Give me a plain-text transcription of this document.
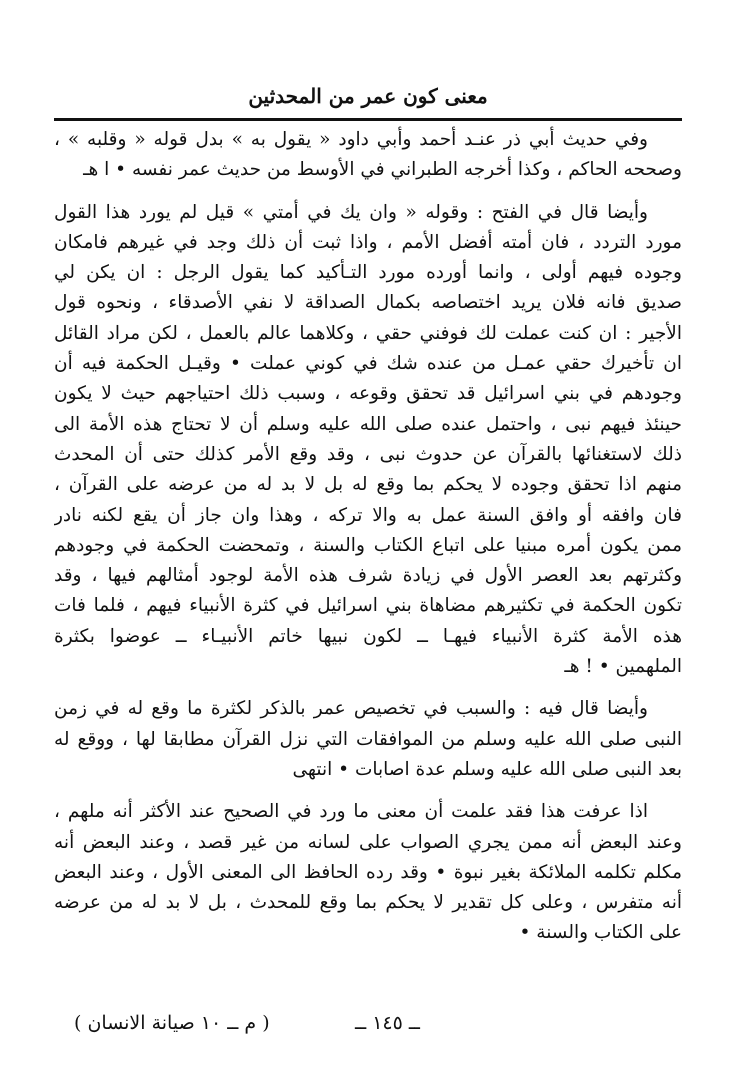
معنى كون عمر من المحدثين
وفي حديث أبي ذر عنـد أحمد وأبي داود « يقول به » بدل قوله « وقلبه » ،
وصححه الحاكم ، وكذا أخرجه الطبراني في الأوسط من حديث عمر نفسه • ا هـ
وأيضا قال في الفتح : وقوله « وان يك في أمتي » قيل لم يورد هذا القول
مورد التردد ، فان أمته أفضل الأمم ، واذا ثبت أن ذلك وجد في غيرهم فامكان
وجوده فيهم أولى ، وانما أورده مورد التـأكيد كما يقول الرجل : ان يكن لي
صديق فانه فلان يريد اختصاصه بكمال الصداقة لا نفي الأصدقاء ، ونحوه قول
الأجير : ان كنت عملت لك فوفني حقي ، وكلاهما عالم بالعمل ، لكن مراد القائل
ان تأخيرك حقي عمـل من عنده شك في كوني عملت • وقيـل الحكمة فيه أن
وجودهم في بني اسرائيل قد تحقق وقوعه ، وسبب ذلك احتياجهم حيث لا يكون
حينئذ فيهم نبى ، واحتمل عنده صلى الله عليه وسلم أن لا تحتاج هذه الأمة الى
ذلك لاستغنائها بالقرآن عن حدوث نبى ، وقد وقع الأمر كذلك حتى أن المحدث
منهم اذا تحقق وجوده لا يحكم بما وقع له بل لا بد له من عرضه على القرآن ،
فان وافقه أو وافق السنة عمل به والا تركه ، وهذا وان جاز أن يقع لكنه نادر
ممن يكون أمره مبنيا على اتباع الكتاب والسنة ، وتمحضت الحكمة في وجودهم
وكثرتهم بعد العصر الأول في زيادة شرف هذه الأمة لوجود أمثالهم فيها ، وقد
تكون الحكمة في تكثيرهم مضاهاة بني اسرائيل في كثرة الأنبياء فيهم ، فلما فات
هذه الأمة كثرة الأنبياء فيهـا ــ لكون نبيها خاتم الأنبيـاء ــ عوضوا بكثرة
الملهمين • ! هـ
وأيضا قال فيه : والسبب في تخصيص عمر بالذكر لكثرة ما وقع له في زمن
النبى صلى الله عليه وسلم من الموافقات التي نزل القرآن مطابقا لها ، ووقع له
بعد النبى صلى الله عليه وسلم عدة اصابات • انتهى
اذا عرفت هذا فقد علمت أن معنى ما ورد في الصحيح عند الأكثر أنه ملهم ،
وعند البعض أنه ممن يجري الصواب على لسانه من غير قصد ، وعند البعض أنه
مكلم تكلمه الملائكة بغير نبوة • وقد رده الحافظ الى المعنى الأول ، وعند البعض
أنه متفرس ، وعلى كل تقدير لا يحكم بما وقع للمحدث ، بل لا بد له من عرضه
على الكتاب والسنة •
ــ ١٤٥ ــ
( م ــ ١٠ صيانة الانسان )
